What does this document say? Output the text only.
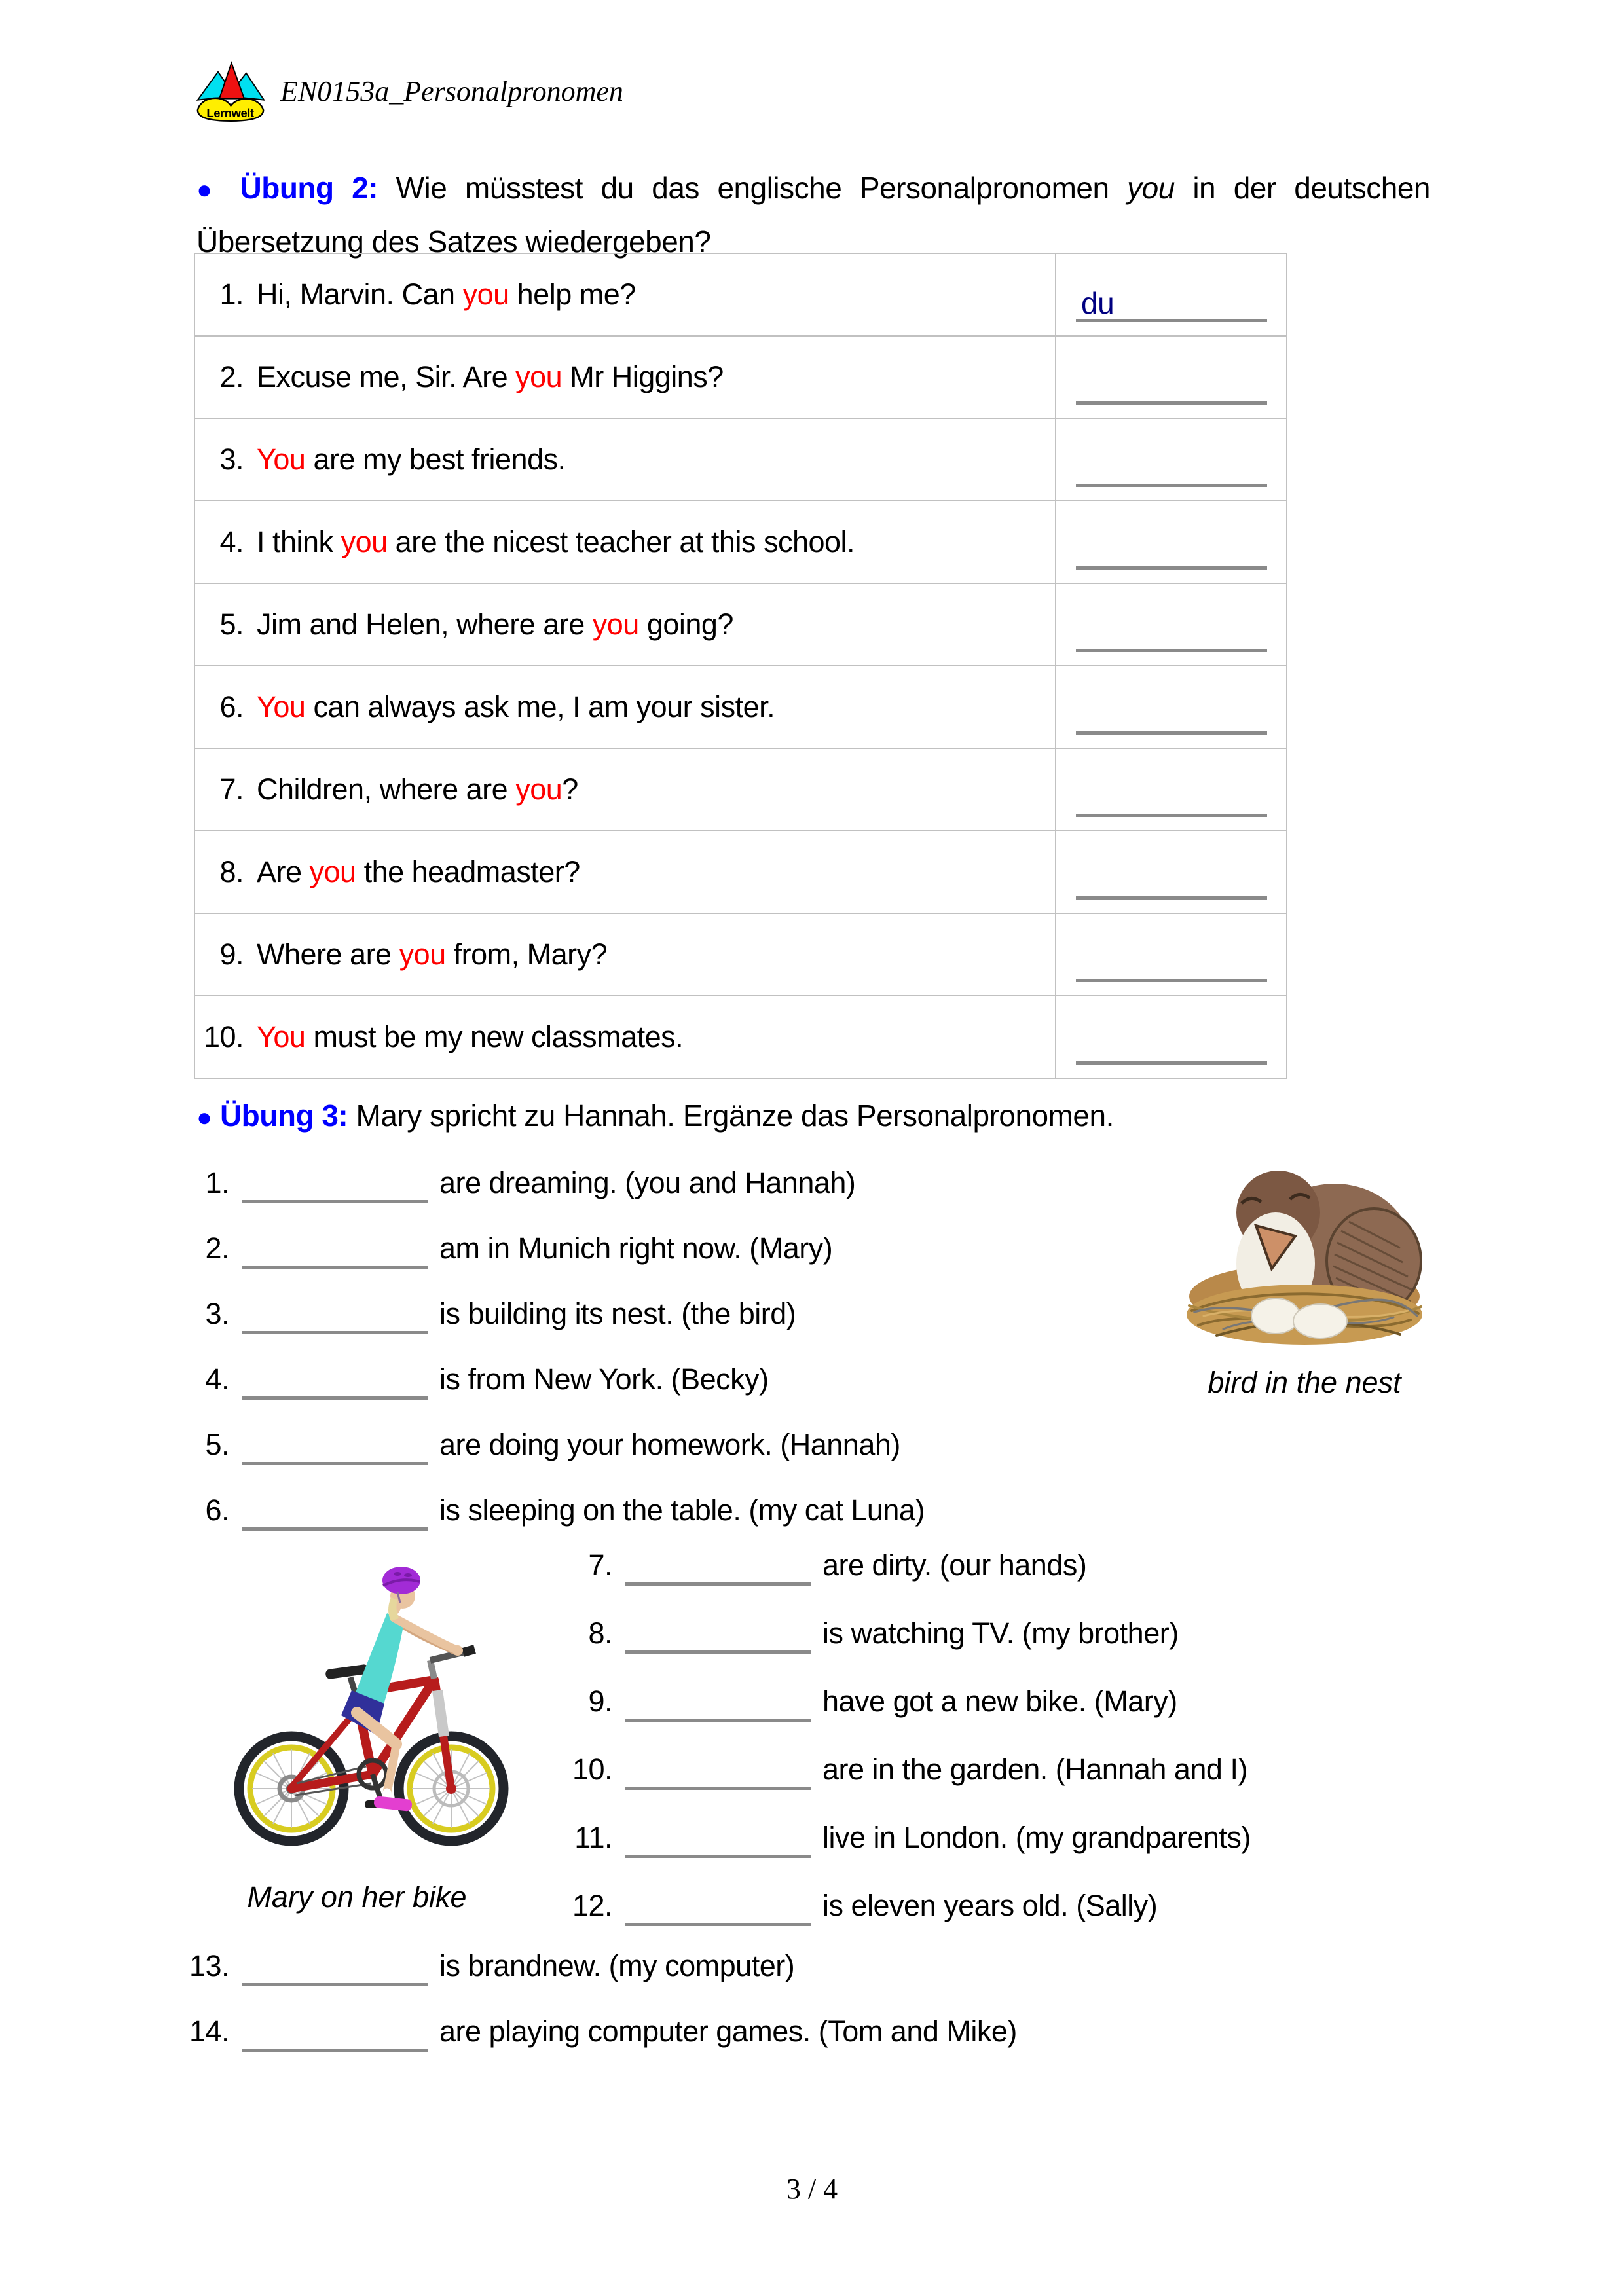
Lernwelt
EN0153a_Personalpronomen
● Übung 2: Wie müsstest du das englische Personalpronomen you in der deutschen
Übersetzung des Satzes wiedergeben?
1. Hi, Marvin. Can you help me?	du

2. Excuse me, Sir. Are you Mr Higgins?	

3. You are my best friends.	

4. I think you are the nicest teacher at this school.	

5. Jim and Helen, where are you going?	

6. You can always ask me, I am your sister.	

7. Children, where are you?	

8. Are you the headmaster?	

9. Where are you from, Mary?	

10. You must be my new classmates.	

● Übung 3: Mary spricht zu Hannah. Ergänze das Personalpronomen.
1.	are dreaming. (you and Hannah)
2.	am in Munich right now. (Mary)
3.	is building its nest. (the bird)
4.	is from New York. (Becky)
5.	are doing your homework. (Hannah)
6.	is sleeping on the table. (my cat Luna)
7.	are dirty. (our hands)
8.	is watching TV. (my brother)
9.	have got a new bike. (Mary)
10.	are in the garden. (Hannah and I)
11.	live in London. (my grandparents)
12.	is eleven years old. (Sally)
13.	is brandnew. (my computer)
14.	are playing computer games. (Tom and Mike)
bird in the nest
Mary on her bike
3 / 4
